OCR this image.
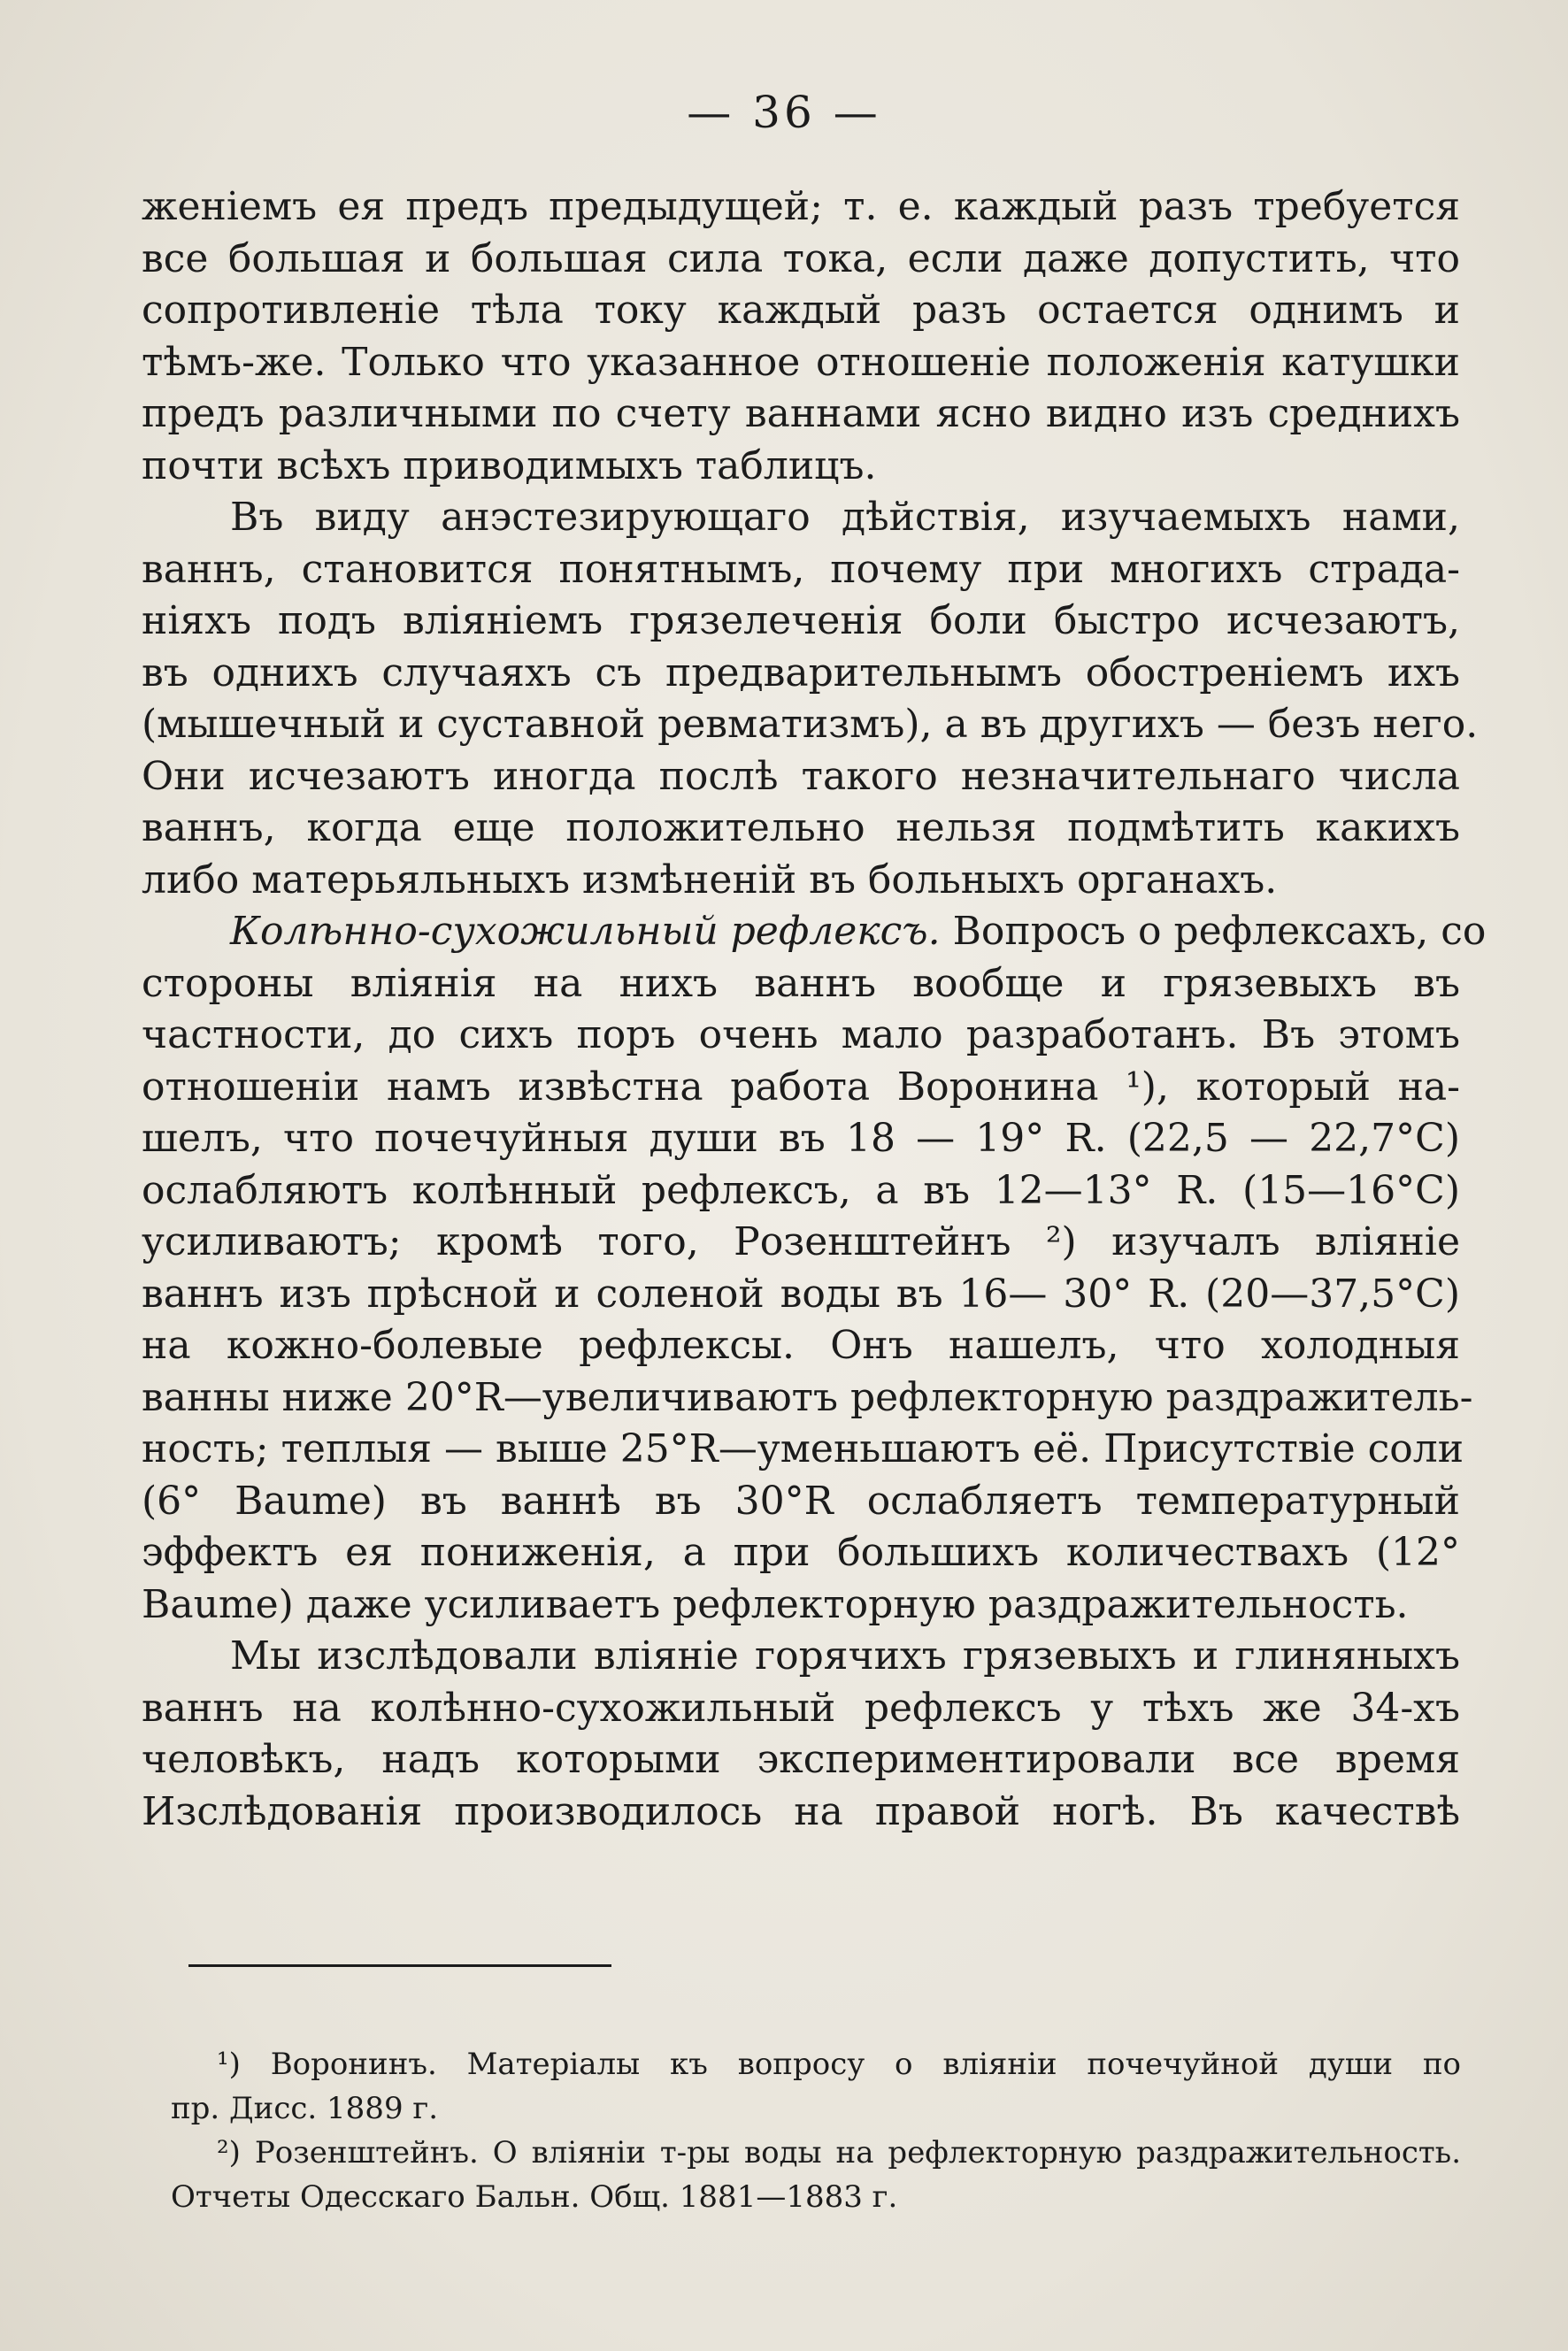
— 36 —
женіемъ ея предъ предыдущей; т. е. каждый разъ требуется
все большая и большая сила тока, если даже допустить, что
сопротивленіе тѣла току каждый разъ остается однимъ и
тѣмъ-же. Только что указанное отношеніе положенія катушки
предъ различными по счету ваннами ясно видно изъ среднихъ
почти всѣхъ приводимыхъ таблицъ.
Въ виду анэстезирующаго дѣйствія, изучаемыхъ нами,
ваннъ, становится понятнымъ, почему при многихъ страда-
ніяхъ подъ вліяніемъ грязелеченія боли быстро исчезаютъ,
въ однихъ случаяхъ съ предварительнымъ обостреніемъ ихъ
(мышечный и суставной ревматизмъ), а въ другихъ — безъ него.
Они исчезаютъ иногда послѣ такого незначительнаго числа
ваннъ, когда еще положительно нельзя подмѣтить какихъ
либо матерьяльныхъ измѣненій въ больныхъ органахъ.
Колѣнно-сухожильный рефлексъ. Вопросъ о рефлексахъ, со
стороны вліянія на нихъ ваннъ вообще и грязевыхъ въ
частности, до сихъ поръ очень мало разработанъ. Въ этомъ
отношеніи намъ извѣстна работа Воронина ¹), который на-
шелъ, что почечуйныя души въ 18 — 19° R. (22,5 — 22,7°C)
ослабляютъ колѣнный рефлексъ, а въ 12—13° R. (15—16°C)
усиливаютъ; кромѣ того, Розенштейнъ ²) изучалъ вліяніе
ваннъ изъ прѣсной и соленой воды въ 16— 30° R. (20—37,5°C)
на кожно-болевые рефлексы. Онъ нашелъ, что холодныя
ванны ниже 20°R—увеличиваютъ рефлекторную раздражитель-
ность; теплыя — выше 25°R—уменьшаютъ её. Присутствіе соли
(6° Baume) въ ваннѣ въ 30°R ослабляетъ температурный
эффектъ ея пониженія, а при большихъ количествахъ (12°
Baume) даже усиливаетъ рефлекторную раздражительность.
Мы изслѣдовали вліяніе горячихъ грязевыхъ и глиняныхъ
ваннъ на колѣнно-сухожильный рефлексъ у тѣхъ же 34-хъ
человѣкъ, надъ которыми экспериментировали все время
Изслѣдованія производилось на правой ногѣ. Въ качествѣ
¹) Воронинъ. Матеріалы къ вопросу о вліяніи почечуйной души по
пр. Дисс. 1889 г.
²) Розенштейнъ. О вліяніи т-ры воды на рефлекторную раздражительность.
Отчеты Одесскаго Бальн. Общ. 1881—1883 г.
